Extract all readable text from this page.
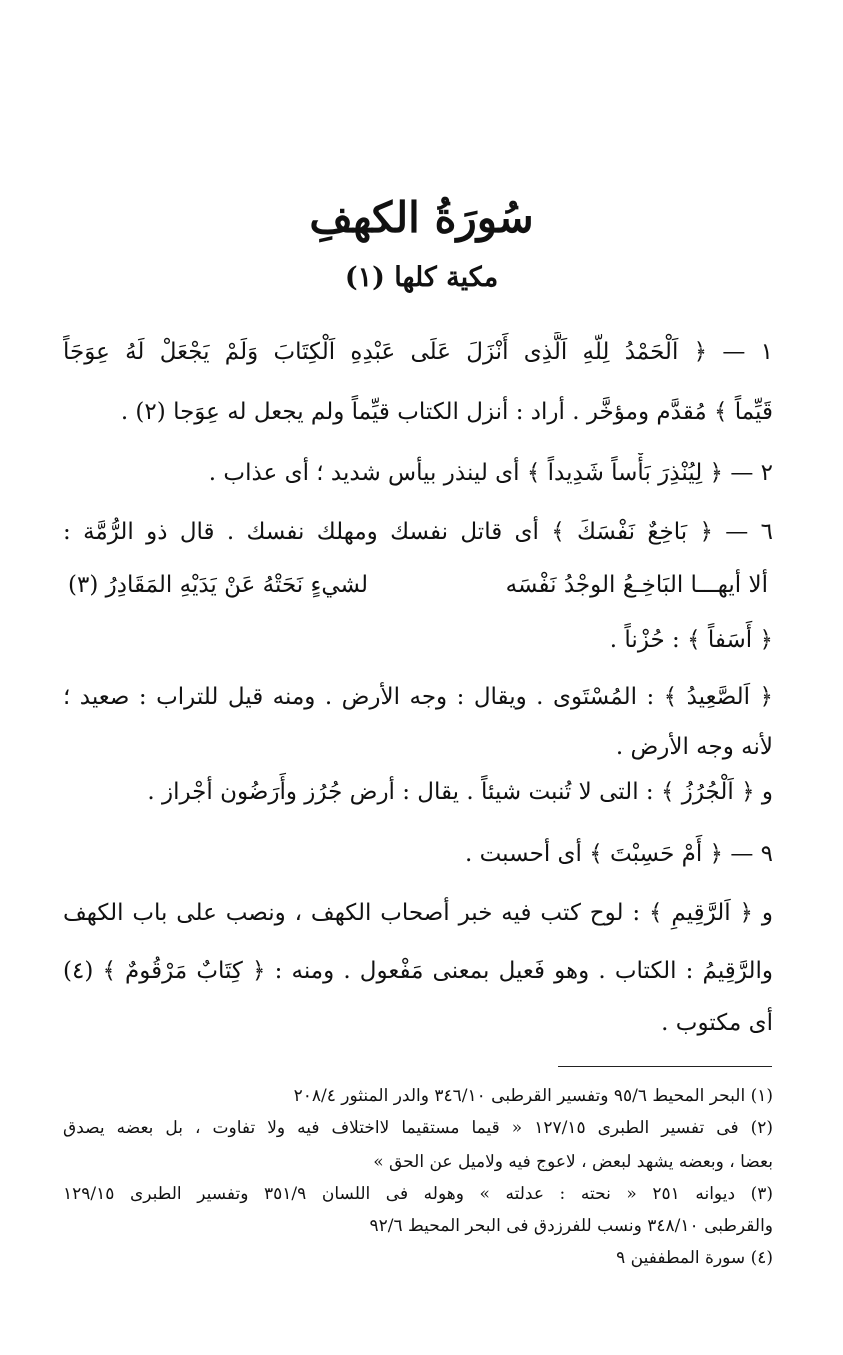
سُورَةُ الكهفِ
مكية كلها (١)
١ — ﴿ اَلْحَمْدُ لِلّهِ اَلَّذِى أَنْزَلَ عَلَى عَبْدِهِ اَلْكِتَابَ وَلَمْ يَجْعَلْ لَهُ عِوَجَاً
قَيِّماً ﴾ مُقدَّم ومؤخَّر . أراد : أنزل الكتاب قيِّماً ولم يجعل له عِوَجا (٢) .
٢ — ﴿ لِيُنْذِرَ بَأْساً شَدِيداً ﴾ أى لينذر بيأس شديد ؛ أى عذاب .
٦ — ﴿ بَاخِعٌ نَفْسَكَ ﴾ أى قاتل نفسك ومهلك نفسك . قال ذو الرُّمَّة :
ألا أيهـــا البَاخِـعُ الوجْدُ نَفْسَه
لشيءٍ نَحَتْهُ عَنْ يَدَيْهِ المَقَادِرُ (٣)
﴿ أَسَفاً ﴾ : حُزْناً .
﴿ اَلصَّعِيدُ ﴾ : المُسْتَوى . ويقال : وجه الأرض . ومنه قيل للتراب : صعيد ؛
لأنه وجه الأرض .
و ﴿ اَلْجُرُزُ ﴾ : التى لا تُنبت شيئاً . يقال : أرض جُرُز وأَرَضُون أجْراز .
٩ — ﴿ أَمْ حَسِبْتَ ﴾ أى أحسبت .
و ﴿ اَلرَّقِيمِ ﴾ : لوح كتب فيه خبر أصحاب الكهف ، ونصب على باب الكهف
والرَّقِيمُ : الكتاب . وهو فَعيل بمعنى مَفْعول . ومنه : ﴿ كِتَابٌ مَرْقُومٌ ﴾ (٤)
أى مكتوب .
(١) البحر المحيط ٩٥/٦ وتفسير القرطبى ٣٤٦/١٠ والدر المنثور ٢٠٨/٤
(٢) فى تفسير الطبرى ١٢٧/١٥ « قيما مستقيما لااختلاف فيه ولا تفاوت ، بل بعضه يصدق
بعضا ، وبعضه يشهد لبعض ، لاعوج فيه ولاميل عن الحق »
(٣) ديوانه ٢٥١ « نحته : عدلته » وهوله فى اللسان ٣٥١/٩ وتفسير الطبرى ١٢٩/١٥
والقرطبى ٣٤٨/١٠ ونسب للفرزدق فى البحر المحيط ٩٢/٦
(٤) سورة المطففين ٩
